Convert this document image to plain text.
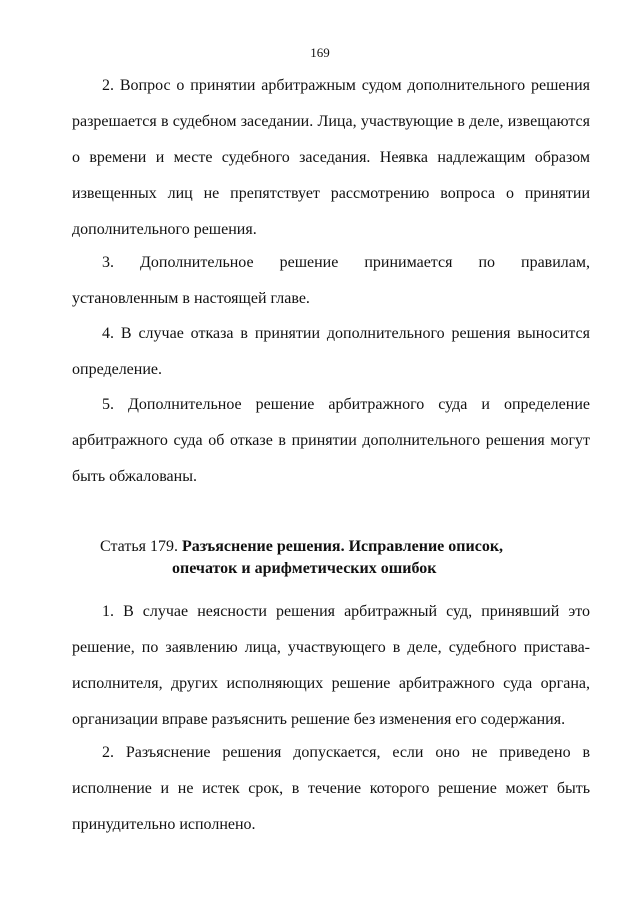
169

2. Вопрос о принятии арбитражным судом дополнительного решения разрешается в судебном заседании. Лица, участвующие в деле, извещаются о времени и месте судебного заседания. Неявка надлежащим образом извещенных лиц не препятствует рассмотрению вопроса о принятии дополнительного решения.

3. Дополнительное решение принимается по правилам, установленным в настоящей главе.

4. В случае отказа в принятии дополнительного решения выносится определение.

5. Дополнительное решение арбитражного суда и определение арбитражного суда об отказе в принятии дополнительного решения могут быть обжалованы.

Статья 179. Разъяснение решения. Исправление описок,
опечаток и арифметических ошибок

1. В случае неясности решения арбитражный суд, принявший это решение, по заявлению лица, участвующего в деле, судебного пристава-исполнителя, других исполняющих решение арбитражного суда органа, организации вправе разъяснить решение без изменения его содержания.

2. Разъяснение решения допускается, если оно не приведено в исполнение и не истек срок, в течение которого решение может быть принудительно исполнено.
